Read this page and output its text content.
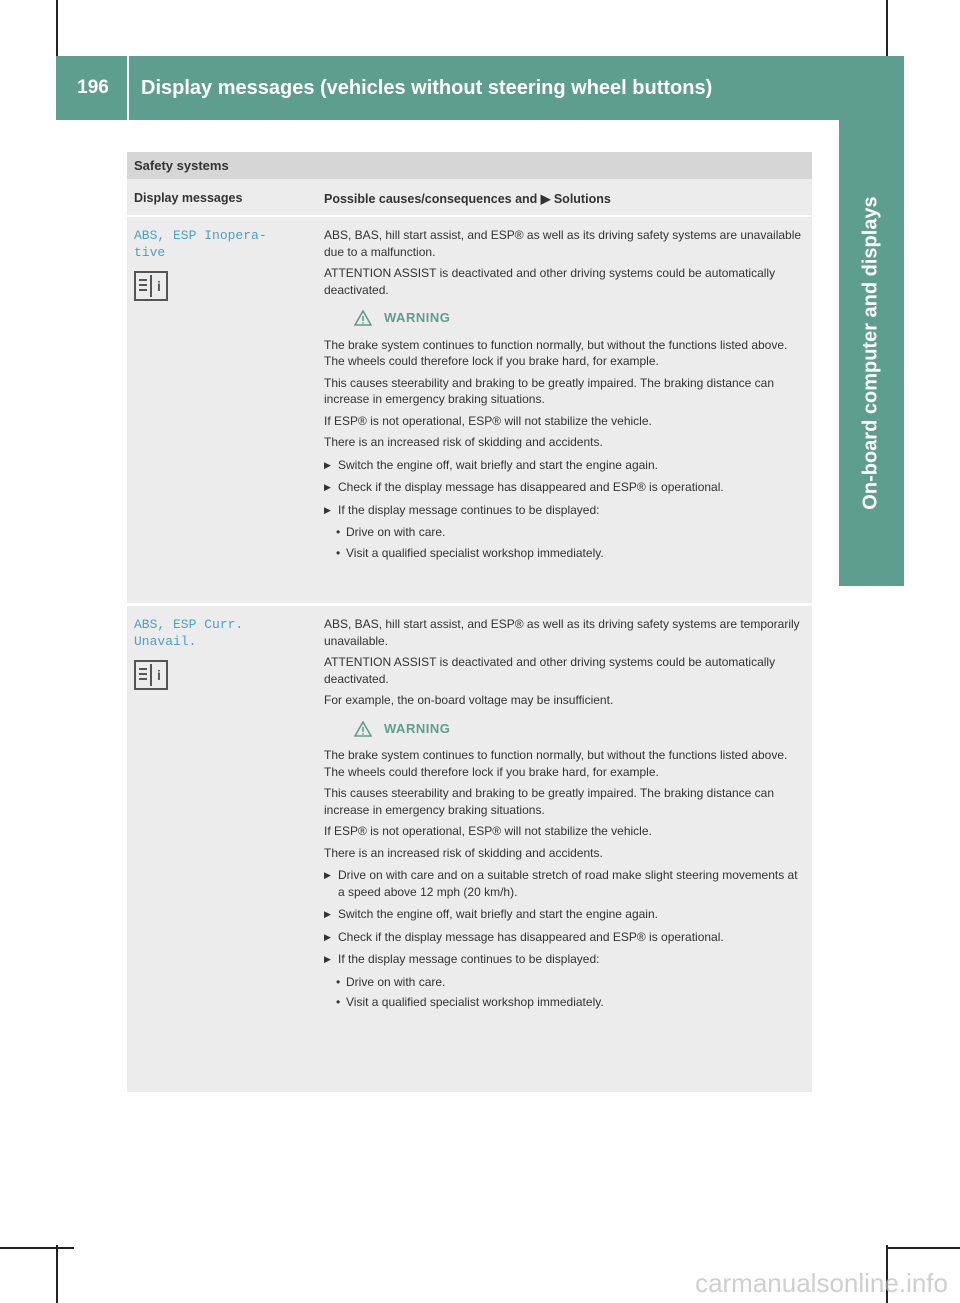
196	Display messages (vehicles without steering wheel buttons)
On-board computer and displays
Safety systems
Display messages	Possible causes/consequences and ▶ Solutions
ABS, ESP Inopera-
tive
i

ABS, BAS, hill start assist, and ESP® as well as its driving safety systems are unavailable due to a malfunction.

ATTENTION ASSIST is deactivated and other driving systems could be automatically deactivated.

WARNING

The brake system continues to function normally, but without the functions listed above. The wheels could therefore lock if you brake hard, for example.

This causes steerability and braking to be greatly impaired. The braking distance can increase in emergency braking situations.

If ESP® is not operational, ESP® will not stabilize the vehicle.

There is an increased risk of skidding and accidents.

▶ Switch the engine off, wait briefly and start the engine again.
▶ Check if the display message has disappeared and ESP® is operational.
▶ If the display message continues to be displayed:
• Drive on with care.
• Visit a qualified specialist workshop immediately.
ABS, ESP Curr.
Unavail.
i

ABS, BAS, hill start assist, and ESP® as well as its driving safety systems are temporarily unavailable.

ATTENTION ASSIST is deactivated and other driving systems could be automatically deactivated.

For example, the on-board voltage may be insufficient.

WARNING

The brake system continues to function normally, but without the functions listed above. The wheels could therefore lock if you brake hard, for example.

This causes steerability and braking to be greatly impaired. The braking distance can increase in emergency braking situations.

If ESP® is not operational, ESP® will not stabilize the vehicle.

There is an increased risk of skidding and accidents.

▶ Drive on with care and on a suitable stretch of road make slight steering movements at a speed above 12 mph (20 km/h).
▶ Switch the engine off, wait briefly and start the engine again.
▶ Check if the display message has disappeared and ESP® is operational.
▶ If the display message continues to be displayed:
• Drive on with care.
• Visit a qualified specialist workshop immediately.
carmanualsonline.info
